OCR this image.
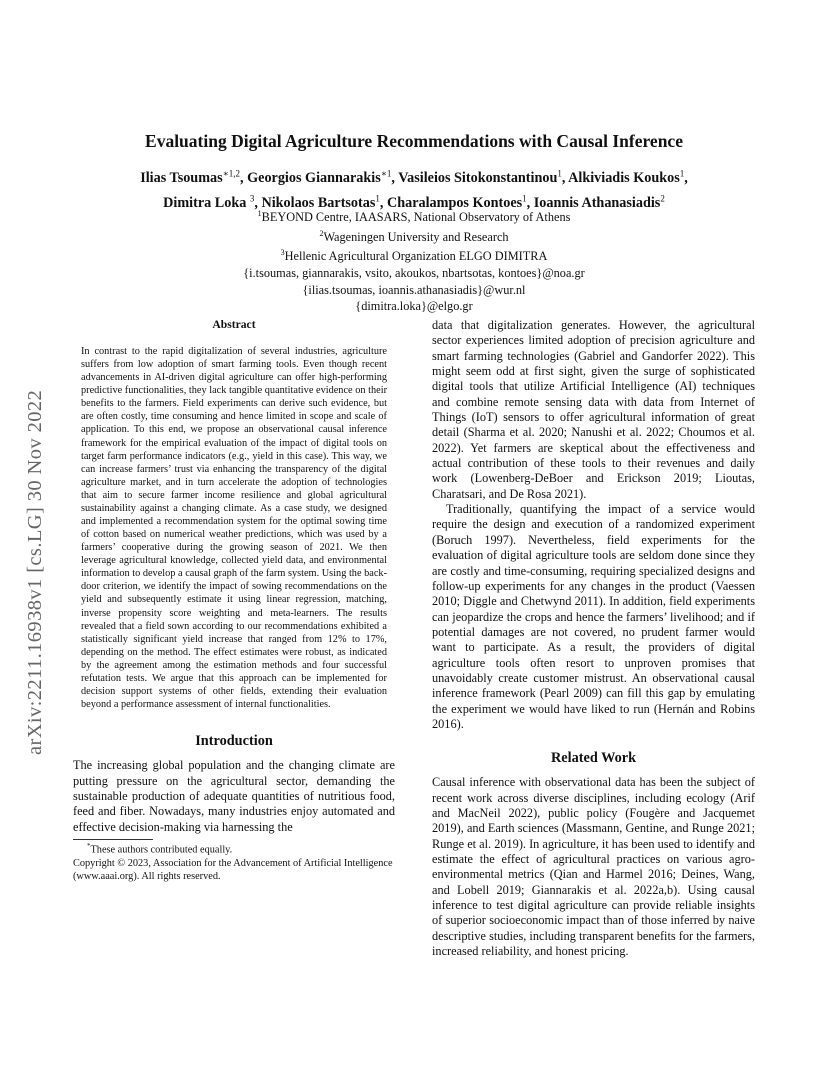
arXiv:2211.16938v1 [cs.LG] 30 Nov 2022
Evaluating Digital Agriculture Recommendations with Causal Inference
Ilias Tsoumas$^{∗1,2}$, Georgios Giannarakis$^{∗1}$, Vasileios Sitokonstantinou$^1$, Alkiviadis Koukos$^1$,
Dimitra Loka $^3$, Nikolaos Bartsotas$^1$, Charalampos Kontoes$^1$, Ioannis Athanasiadis$^2$
$^1$BEYOND Centre, IAASARS, National Observatory of Athens
$^2$Wageningen University and Research
$^3$Hellenic Agricultural Organization ELGO DIMITRA
{i.tsoumas, giannarakis, vsito, akoukos, nbartsotas, kontoes}@noa.gr
{ilias.tsoumas, ioannis.athanasiadis}@wur.nl
{dimitra.loka}@elgo.gr
Abstract

In contrast to the rapid digitalization of several industries, agriculture suffers from low adoption of smart farming tools. Even though recent advancements in AI-driven digital agriculture can offer high-performing predictive functionalities, they lack tangible quantitative evidence on their benefits to the farmers. Field experiments can derive such evidence, but are often costly, time consuming and hence limited in scope and scale of application. To this end, we propose an observational causal inference framework for the empirical evaluation of the impact of digital tools on target farm performance indicators (e.g., yield in this case). This way, we can increase farmers’ trust via enhancing the transparency of the digital agriculture market, and in turn accelerate the adoption of technologies that aim to secure farmer income resilience and global agricultural sustainability against a changing climate. As a case study, we designed and implemented a recommendation system for the optimal sowing time of cotton based on numerical weather predictions, which was used by a farmers’ cooperative during the growing season of 2021. We then leverage agricultural knowledge, collected yield data, and environmental information to develop a causal graph of the farm system. Using the back-door criterion, we identify the impact of sowing recommendations on the yield and subsequently estimate it using linear regression, matching, inverse propensity score weighting and meta-learners. The results revealed that a field sown according to our recommendations exhibited a statistically significant yield increase that ranged from 12% to 17%, depending on the method. The effect estimates were robust, as indicated by the agreement among the estimation methods and four successful refutation tests. We argue that this approach can be implemented for decision support systems of other fields, extending their evaluation beyond a performance assessment of internal functionalities.

Introduction

The increasing global population and the changing climate are putting pressure on the agricultural sector, demanding the sustainable production of adequate quantities of nutritious food, feed and fiber. Nowadays, many industries enjoy automated and effective decision-making via harnessing the

*These authors contributed equally.

Copyright © 2023, Association for the Advancement of Artificial Intelligence (www.aaai.org). All rights reserved.

data that digitalization generates. However, the agricultural sector experiences limited adoption of precision agriculture and smart farming technologies (Gabriel and Gandorfer 2022). This might seem odd at first sight, given the surge of sophisticated digital tools that utilize Artificial Intelligence (AI) techniques and combine remote sensing data with data from Internet of Things (IoT) sensors to offer agricultural information of great detail (Sharma et al. 2020; Nanushi et al. 2022; Choumos et al. 2022). Yet farmers are skeptical about the effectiveness and actual contribution of these tools to their revenues and daily work (Lowenberg-DeBoer and Erickson 2019; Lioutas, Charatsari, and De Rosa 2021).

Traditionally, quantifying the impact of a service would require the design and execution of a randomized experiment (Boruch 1997). Nevertheless, field experiments for the evaluation of digital agriculture tools are seldom done since they are costly and time-consuming, requiring specialized designs and follow-up experiments for any changes in the product (Vaessen 2010; Diggle and Chetwynd 2011). In addition, field experiments can jeopardize the crops and hence the farmers’ livelihood; and if potential damages are not covered, no prudent farmer would want to participate. As a result, the providers of digital agriculture tools often resort to unproven promises that unavoidably create customer mistrust. An observational causal inference framework (Pearl 2009) can fill this gap by emulating the experiment we would have liked to run (Hernán and Robins 2016).

Related Work

Causal inference with observational data has been the subject of recent work across diverse disciplines, including ecology (Arif and MacNeil 2022), public policy (Fougère and Jacquemet 2019), and Earth sciences (Massmann, Gentine, and Runge 2021; Runge et al. 2019). In agriculture, it has been used to identify and estimate the effect of agricultural practices on various agro-environmental metrics (Qian and Harmel 2016; Deines, Wang, and Lobell 2019; Giannarakis et al. 2022a,b). Using causal inference to test digital agriculture can provide reliable insights of superior socioeconomic impact than of those inferred by naive descriptive studies, including transparent benefits for the farmers, increased reliability, and honest pricing.
